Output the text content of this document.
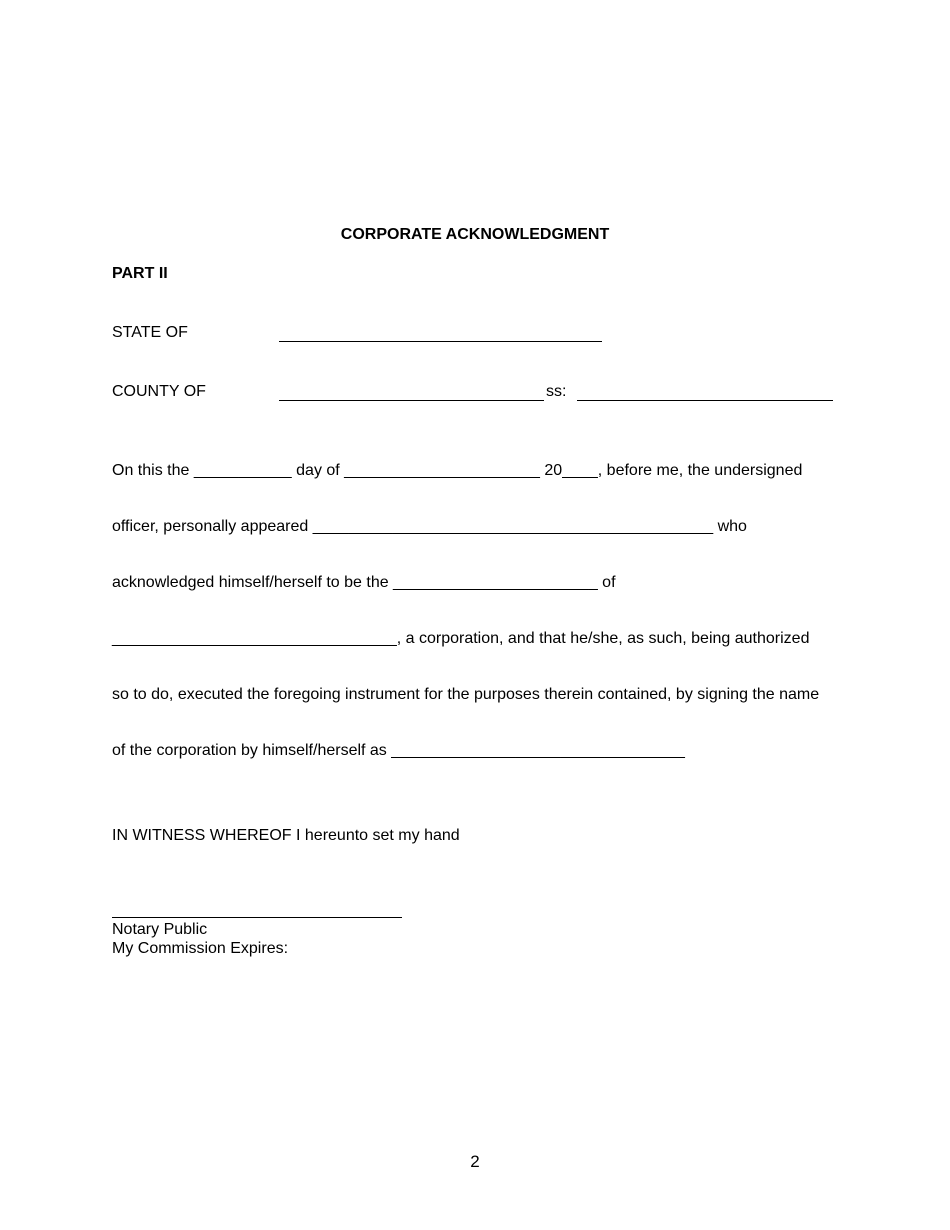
CORPORATE ACKNOWLEDGMENT
PART II
STATE OF
COUNTY OF	ss:
On this the ___________ day of ______________________ 20____, before me, the undersigned
officer, personally appeared _____________________________________________ who
acknowledged himself/herself to be the _______________________ of
________________________________, a corporation, and that he/she, as such, being authorized
so to do, executed the foregoing instrument for the purposes therein contained, by signing the name
of the corporation by himself/herself as _________________________________
IN WITNESS WHEREOF I hereunto set my hand
Notary Public
My Commission Expires:
2
